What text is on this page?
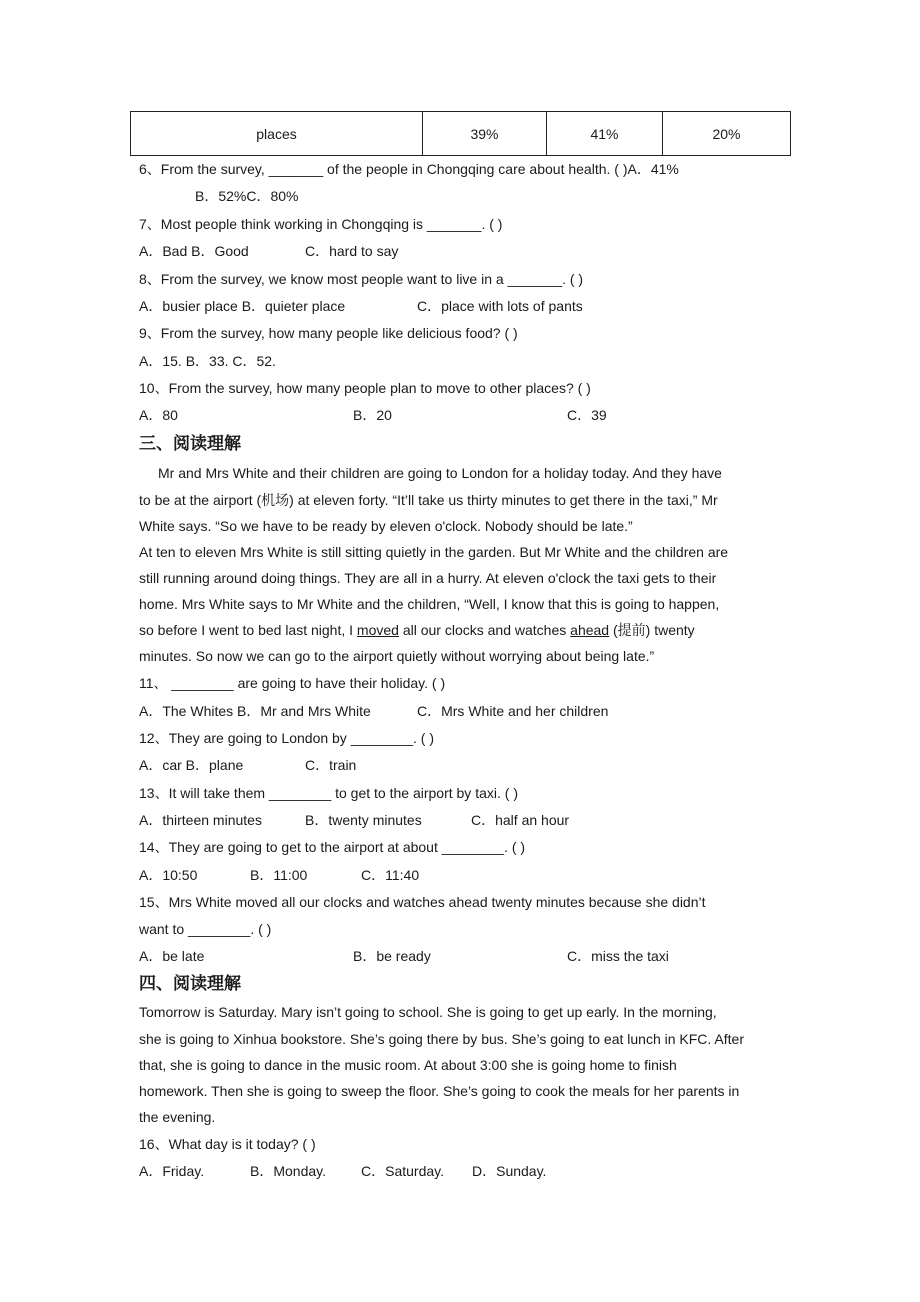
places	39%	41%	20%
6、From the survey, _______ of the people in Chongqing care about health. ( )A．41%
B．52%C．80%
7、Most people think working in Chongqing is _______. ( )
A．Bad B．Good	C．hard to say
8、From the survey, we know most people want to live in a _______. ( )
A．busier place B．quieter place	C．place with lots of pants
9、From the survey, how many people like delicious food? ( )
A．15. B．33. C．52.
10、From the survey, how many people plan to move to other places? ( )
A．80	B．20	C．39
三、阅读理解
Mr and Mrs White and their children are going to London for a holiday today. And they have
to be at the airport (机场) at eleven forty. “It’ll take us thirty minutes to get there in the taxi,” Mr
White says. “So we have to be ready by eleven o'clock. Nobody should be late.”
At ten to eleven Mrs White is still sitting quietly in the garden. But Mr White and the children are
still running around doing things. They are all in a hurry. At eleven o'clock the taxi gets to their
home. Mrs White says to Mr White and the children, “Well, I know that this is going to happen,
so before I went to bed last night, I moved all our clocks and watches ahead (提前) twenty
minutes. So now we can go to the airport quietly without worrying about being late.”
11、 ________ are going to have their holiday. ( )
A．The Whites B．Mr and Mrs White	C．Mrs White and her children
12、They are going to London by ________. ( )
A．car B．plane	C．train
13、It will take them ________ to get to the airport by taxi. ( )
A．thirteen minutes	B．twenty minutes	C．half an hour
14、They are going to get to the airport at about ________. ( )
A．10:50	B．11:00	C．11:40
15、Mrs White moved all our clocks and watches ahead twenty minutes because she didn’t
want to ________. ( )
A．be late	B．be ready	C．miss the taxi
四、阅读理解
Tomorrow is Saturday. Mary isn’t going to school. She is going to get up early. In the morning,
she is going to Xinhua bookstore. She’s going there by bus. She’s going to eat lunch in KFC. After
that, she is going to dance in the music room. At about 3:00 she is going home to finish
homework. Then she is going to sweep the floor. She’s going to cook the meals for her parents in
the evening.
16、What day is it today? ( )
A．Friday.	B．Monday.	C．Saturday. D．Sunday.
